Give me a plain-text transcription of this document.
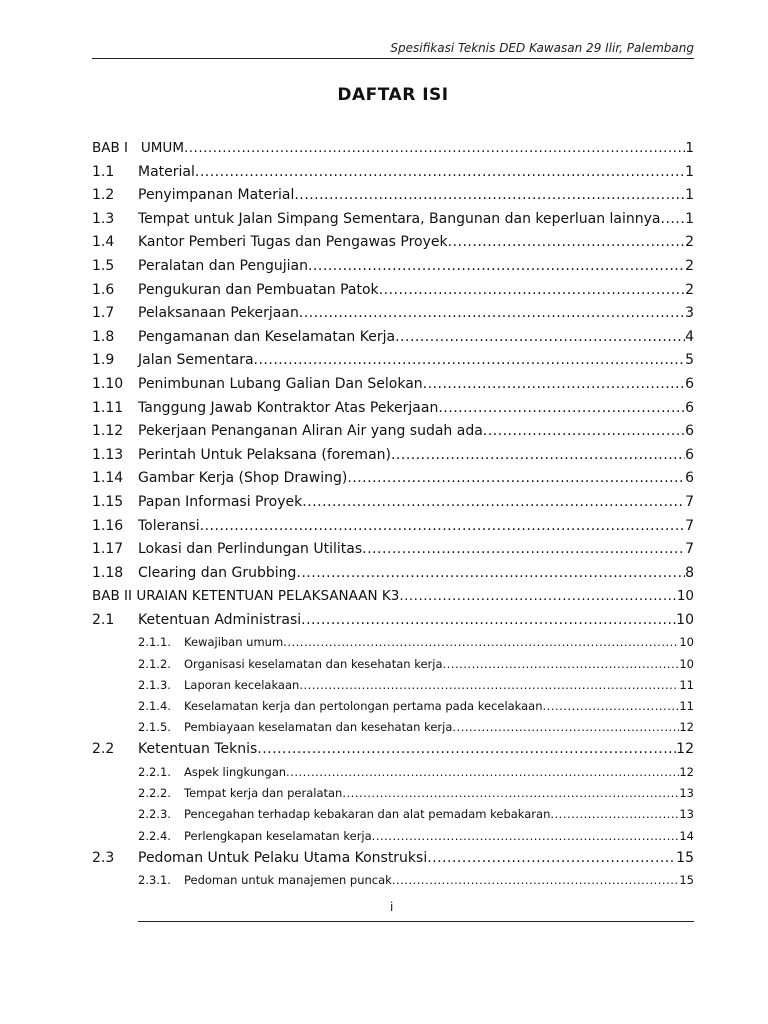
Spesifikasi Teknis DED Kawasan 29 Ilir, Palembang
DAFTAR ISI
BAB I UMUM .....	1
1.1	Material .....	1
1.2	Penyimpanan Material .....	1
1.3	Tempat untuk Jalan Simpang Sementara, Bangunan dan keperluan lainnya ..... 1
1.4	Kantor Pemberi Tugas dan Pengawas Proyek .....	2
1.5	Peralatan dan Pengujian .....	2
1.6	Pengukuran dan Pembuatan Patok .....	2
1.7	Pelaksanaan Pekerjaan .....	3
1.8	Pengamanan dan Keselamatan Kerja .....	4
1.9	Jalan Sementara .....	5
1.10	Penimbunan Lubang Galian Dan Selokan .....	6
1.11	Tanggung Jawab Kontraktor Atas Pekerjaan .....	6
1.12	Pekerjaan Penanganan Aliran Air yang sudah ada .....	6
1.13	Perintah Untuk Pelaksana (foreman) .....	6
1.14	Gambar Kerja (Shop Drawing) .....	6
1.15	Papan Informasi Proyek .....	7
1.16	Toleransi .....	7
1.17	Lokasi dan Perlindungan Utilitas .....	7
1.18	Clearing dan Grubbing .....	8
BAB II URAIAN KETENTUAN PELAKSANAAN K3 .....	10
2.1	Ketentuan Administrasi .....	10
2.1.1. Kewajiban umum .....	10
2.1.2. Organisasi keselamatan dan kesehatan kerja .....	10
2.1.3. Laporan kecelakaan .....	11
2.1.4. Keselamatan kerja dan pertolongan pertama pada kecelakaan .....	11
2.1.5. Pembiayaan keselamatan dan kesehatan kerja .....	12
2.2	Ketentuan Teknis .....	12
2.2.1. Aspek lingkungan .....	12
2.2.2. Tempat kerja dan peralatan .....	13
2.2.3. Pencegahan terhadap kebakaran dan alat pemadam kebakaran .....	13
2.2.4. Perlengkapan keselamatan kerja .....	14
2.3	Pedoman Untuk Pelaku Utama Konstruksi .....	15
2.3.1. Pedoman untuk manajemen puncak .....	15
i
